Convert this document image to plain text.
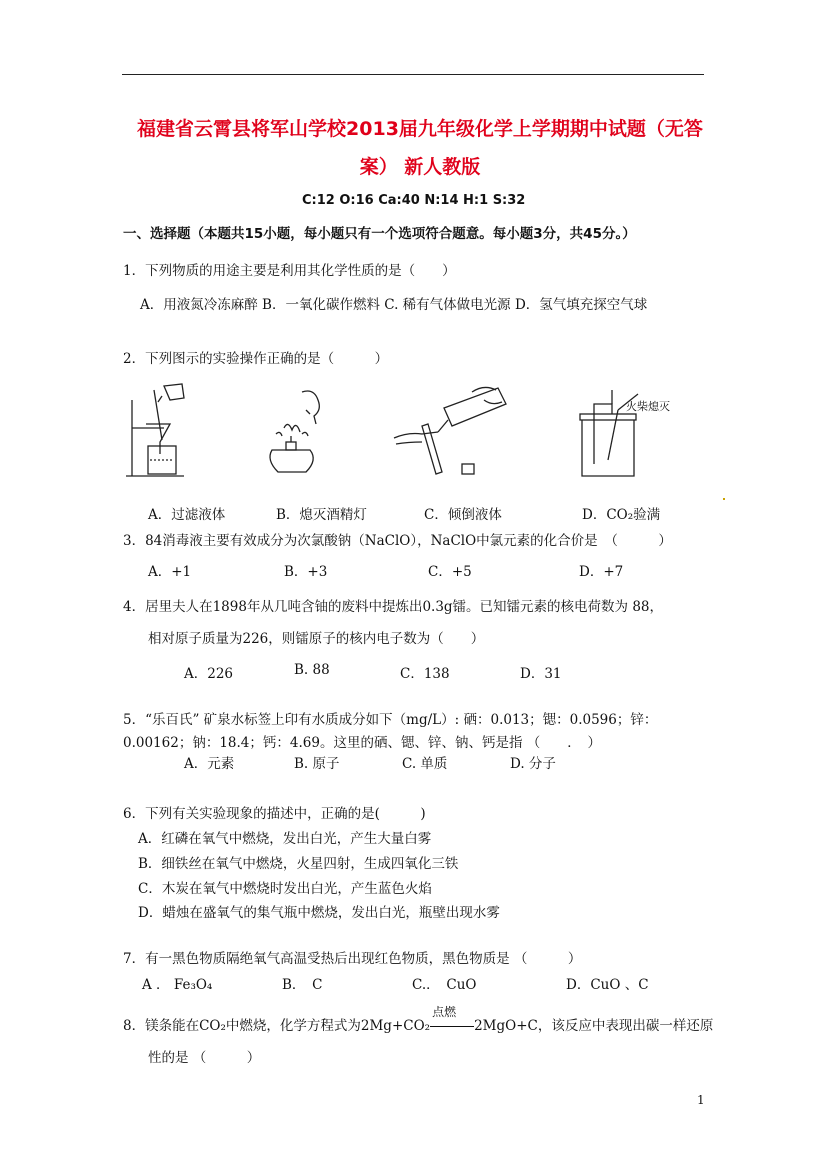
福建省云霄县将军山学校2013届九年级化学上学期期中试题（无答
案） 新人教版
C:12 O:16 Ca:40 N:14 H:1 S:32
一、选择题（本题共15小题，每小题只有一个选项符合题意。每小题3分，共45分。）
1．下列物质的用途主要是利用其化学性质的是（　　）
A．用液氮冷冻麻醉 B．一氧化碳作燃料 C. 稀有气体做电光源 D．氢气填充探空气球
2．下列图示的实验操作正确的是（　　　）
火柴熄灭
A．过滤液体	B．熄灭酒精灯	C．倾倒液体	D．CO₂验满
3．84消毒液主要有效成分为次氯酸钠（NaClO），NaClO中氯元素的化合价是　（　　　）
A．+1	B．+3	C．+5	D．+7
4．居里夫人在1898年从几吨含铀的废料中提炼出0.3g镭。已知镭元素的核电荷数为 88，
相对原子质量为226，则镭原子的核内电子数为（　　）
A．226	B. 88	C．138	D．31
5．“乐百氏” 矿泉水标签上印有水质成分如下（mg/L）: 硒：0.013；锶：0.0596；锌：
0.00162；钠：18.4；钙：4.69。这里的硒、锶、锌、钠、钙是指 （　　．　）
A．元素	B. 原子	C. 单质	D. 分子
6．下列有关实验现象的描述中，正确的是(　　　)
A．红磷在氧气中燃烧，发出白光，产生大量白雾
B．细铁丝在氧气中燃烧，火星四射，生成四氧化三铁
C．木炭在氧气中燃烧时发出白光，产生蓝色火焰
D．蜡烛在盛氧气的集气瓶中燃烧，发出白光，瓶壁出现水雾
7．有一黑色物质隔绝氧气高温受热后出现红色物质，黑色物质是 （　　　）
A ． Fe₃O₄	B．　C	C.．　CuO	D．CuO 、C
8．镁条能在CO₂中燃烧，化学方程式为2Mg+CO₂
点燃
2MgO+C，该反应中表现出碳一样还原
性的是 （　　　）
1
